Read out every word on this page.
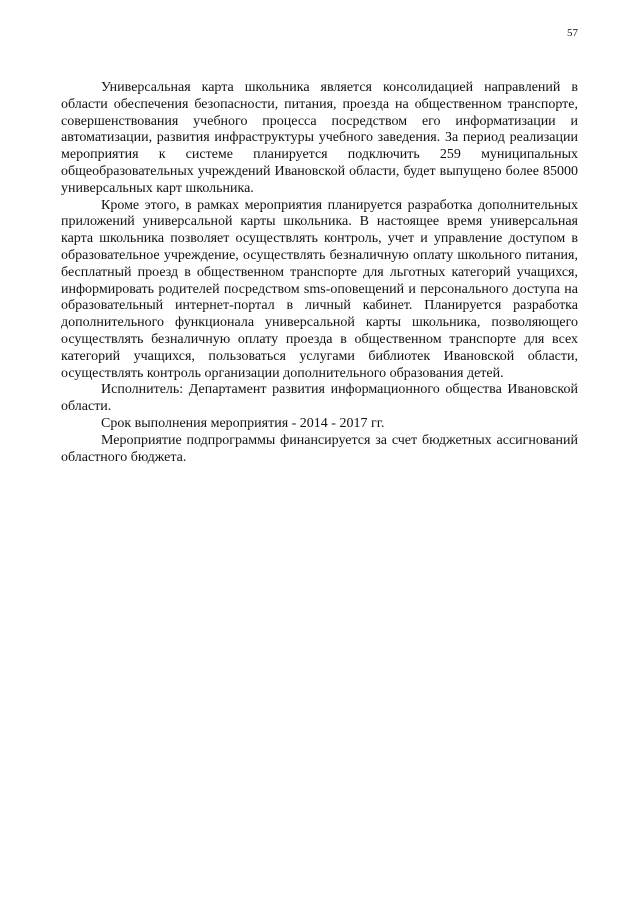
57

Универсальная карта школьника является консолидацией направлений в области обеспечения безопасности, питания, проезда на общественном транспорте, совершенствования учебного процесса посредством его информатизации и автоматизации, развития инфраструктуры учебного заведения. За период реализации мероприятия к системе планируется подключить 259 муниципальных общеобразовательных учреждений Ивановской области, будет выпущено более 85000 универсальных карт школьника.

Кроме этого, в рамках мероприятия планируется разработка дополнительных приложений универсальной карты школьника. В настоящее время универсальная карта школьника позволяет осуществлять контроль, учет и управление доступом в образовательное учреждение, осуществлять безналичную оплату школьного питания, бесплатный проезд в общественном транспорте для льготных категорий учащихся, информировать родителей посредством sms-оповещений и персонального доступа на образовательный интернет-портал в личный кабинет. Планируется разработка дополнительного функционала универсальной карты школьника, позволяющего осуществлять безналичную оплату проезда в общественном транспорте для всех категорий учащихся, пользоваться услугами библиотек Ивановской области, осуществлять контроль организации дополнительного образования детей.

Исполнитель: Департамент развития информационного общества Ивановской области.

Срок выполнения мероприятия - 2014 - 2017 гг.

Мероприятие подпрограммы финансируется за счет бюджетных ассигнований областного бюджета.
